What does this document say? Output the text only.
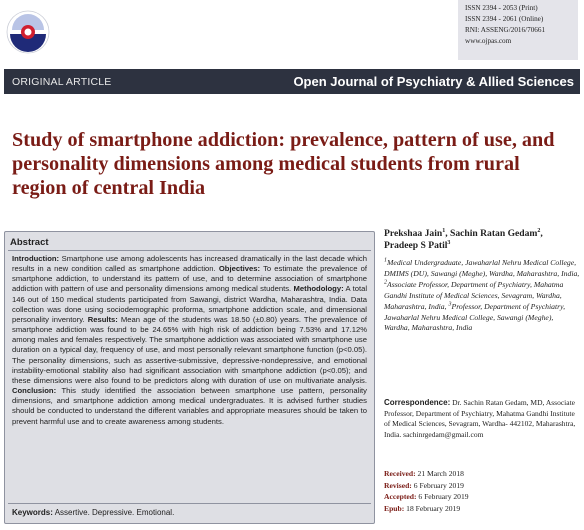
ISSN 2394 - 2053 (Print)
ISSN 2394 - 2061 (Online)
RNI: ASSENG/2016/70661
www.ojpas.com
ORIGINAL ARTICLE	Open Journal of Psychiatry & Allied Sciences
Study of smartphone addiction: prevalence, pattern of use, and personality dimensions among medical students from rural region of central India
Abstract

Introduction: Smartphone use among adolescents has increased dramatically in the last decade which results in a new condition called as smartphone addiction. Objectives: To estimate the prevalence of smartphone addiction, to understand its pattern of use, and to determine association of smartphone addiction with pattern of use and personality dimensions among medical students. Methodology: A total 146 out of 150 medical students participated from Sawangi, district Wardha, Maharashtra, India. Data collection was done using sociodemographic proforma, smartphone addiction scale, and dimensional personality inventory. Results: Mean age of the students was 18.50 (±0.80) years. The prevalence of smartphone addiction was found to be 24.65% with high risk of addiction being 7.53% and 17.12% among males and females respectively. The smartphone addiction was associated with smartphone use duration on a typical day, frequency of use, and most personally relevant smartphone function (p<0.05). The personality dimensions, such as assertive-submissive, depressive-nondepressive, and emotional instability-emotional stability also had significant association with smartphone addiction (p<0.05); and these dimensions were also found to be predictors along with duration of use on multivariate analysis. Conclusion: This study identified the association between smartphone use pattern, personality dimensions, and smartphone addiction among medical undergraduates. It is advised further studies should be conducted to understand the different variables and appropriate measures should be taken to prevent harmful use and to create awareness among students.

Keywords: Assertive. Depressive. Emotional.
Prekshaa Jain$^1$, Sachin Ratan Gedam$^2$,
Pradeep S Patil$^3$
$^1$Medical Undergraduate, Jawaharlal Nehru Medical College, DMIMS (DU), Sawangi (Meghe), Wardha, Maharashtra, India, $^2$Associate Professor, Department of Psychiatry, Mahatma Gandhi Institute of Medical Sciences, Sevagram, Wardha, Maharashtra, India, $^3$Professor, Department of Psychiatry, Jawaharlal Nehru Medical College, Sawangi (Meghe), Wardha, Maharashtra, India
Correspondence: Dr. Sachin Ratan Gedam, MD, Associate Professor, Department of Psychiatry, Mahatma Gandhi Institute of Medical Sciences, Sevagram, Wardha- 442102, Maharashtra, India. sachinrgedam@gmail.com
Received: 21 March 2018
Revised: 6 February 2019
Accepted: 6 February 2019
Epub: 18 February 2019
